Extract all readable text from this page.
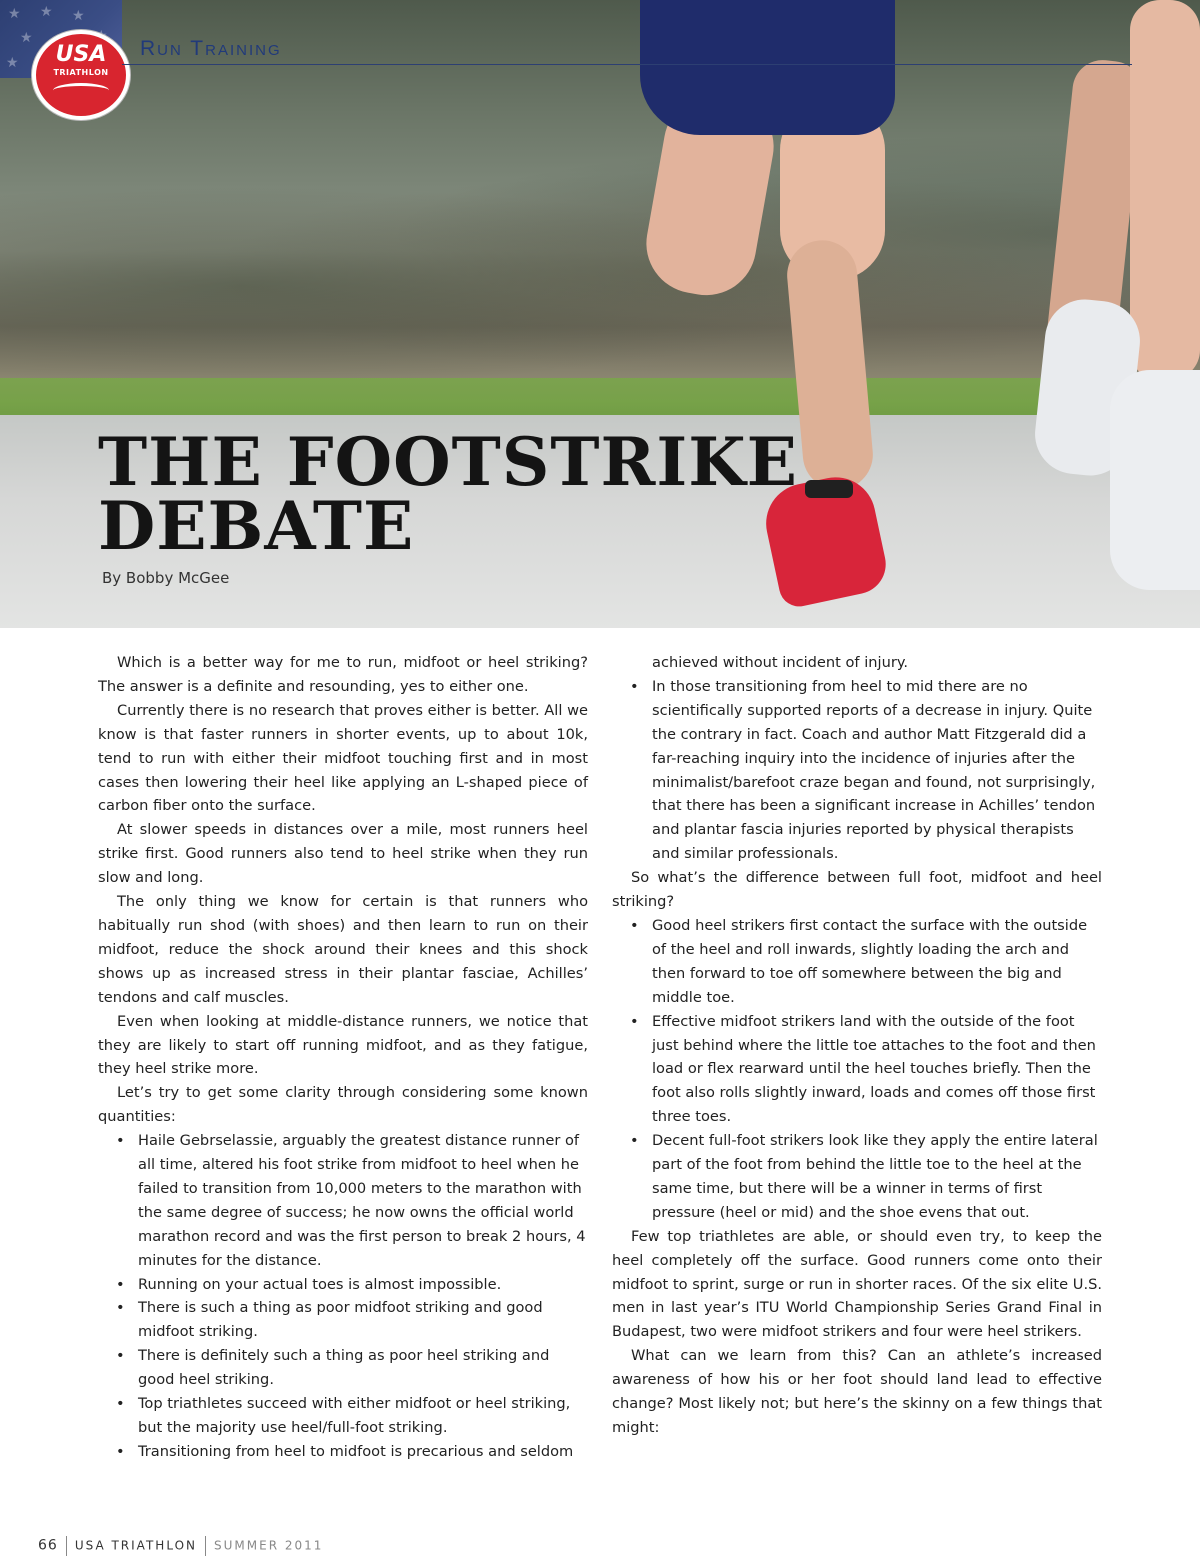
★ ★ ★
★
★	USA
TRIATHLON
Run Training
THE FOOTSTRIKE
DEBATE
By Bobby McGee

Which is a better way for me to run, midfoot or heel striking? The answer is a definite and resounding, yes to either one.

Currently there is no research that proves either is better. All we know is that faster runners in shorter events, up to about 10k, tend to run with either their midfoot touching first and in most cases then lowering their heel like applying an L-shaped piece of carbon fiber onto the surface.

At slower speeds in distances over a mile, most runners heel strike first. Good runners also tend to heel strike when they run slow and long.

The only thing we know for certain is that runners who habitually run shod (with shoes) and then learn to run on their midfoot, reduce the shock around their knees and this shock shows up as increased stress in their plantar fasciae, Achilles’ tendons and calf muscles.

Even when looking at middle-distance runners, we notice that they are likely to start off running midfoot, and as they fatigue, they heel strike more.

Let’s try to get some clarity through considering some known quantities:

• Haile Gebrselassie, arguably the greatest distance runner of all time, altered his foot strike from midfoot to heel when he failed to transition from 10,000 meters to the marathon with the same degree of success; he now owns the official world marathon record and was the first person to break 2 hours, 4 minutes for the distance.
• Running on your actual toes is almost impossible.
• There is such a thing as poor midfoot striking and good midfoot striking.
• There is definitely such a thing as poor heel striking and good heel striking.
• Top triathletes succeed with either midfoot or heel striking, but the majority use heel/full-foot striking.
• Transitioning from heel to midfoot is precarious and seldom
achieved without incident of injury.
• In those transitioning from heel to mid there are no scientifically supported reports of a decrease in injury. Quite the contrary in fact. Coach and author Matt Fitzgerald did a far-reaching inquiry into the incidence of injuries after the minimalist/barefoot craze began and found, not surprisingly, that there has been a significant increase in Achilles’ tendon and plantar fascia injuries reported by physical therapists and similar professionals.

So what’s the difference between full foot, midfoot and heel striking?

• Good heel strikers first contact the surface with the outside of the heel and roll inwards, slightly loading the arch and then forward to toe off somewhere between the big and middle toe.
• Effective midfoot strikers land with the outside of the foot just behind where the little toe attaches to the foot and then load or flex rearward until the heel touches briefly. Then the foot also rolls slightly inward, loads and comes off those first three toes.
• Decent full-foot strikers look like they apply the entire lateral part of the foot from behind the little toe to the heel at the same time, but there will be a winner in terms of first pressure (heel or mid) and the shoe evens that out.

Few top triathletes are able, or should even try, to keep the heel completely off the surface. Good runners come onto their midfoot to sprint, surge or run in shorter races. Of the six elite U.S. men in last year’s ITU World Championship Series Grand Final in Budapest, two were midfoot strikers and four were heel strikers.

What can we learn from this? Can an athlete’s increased awareness of how his or her foot should land lead to effective change? Most likely not; but here’s the skinny on a few things that might:

66 USA TRIATHLON SUMMER 2011
